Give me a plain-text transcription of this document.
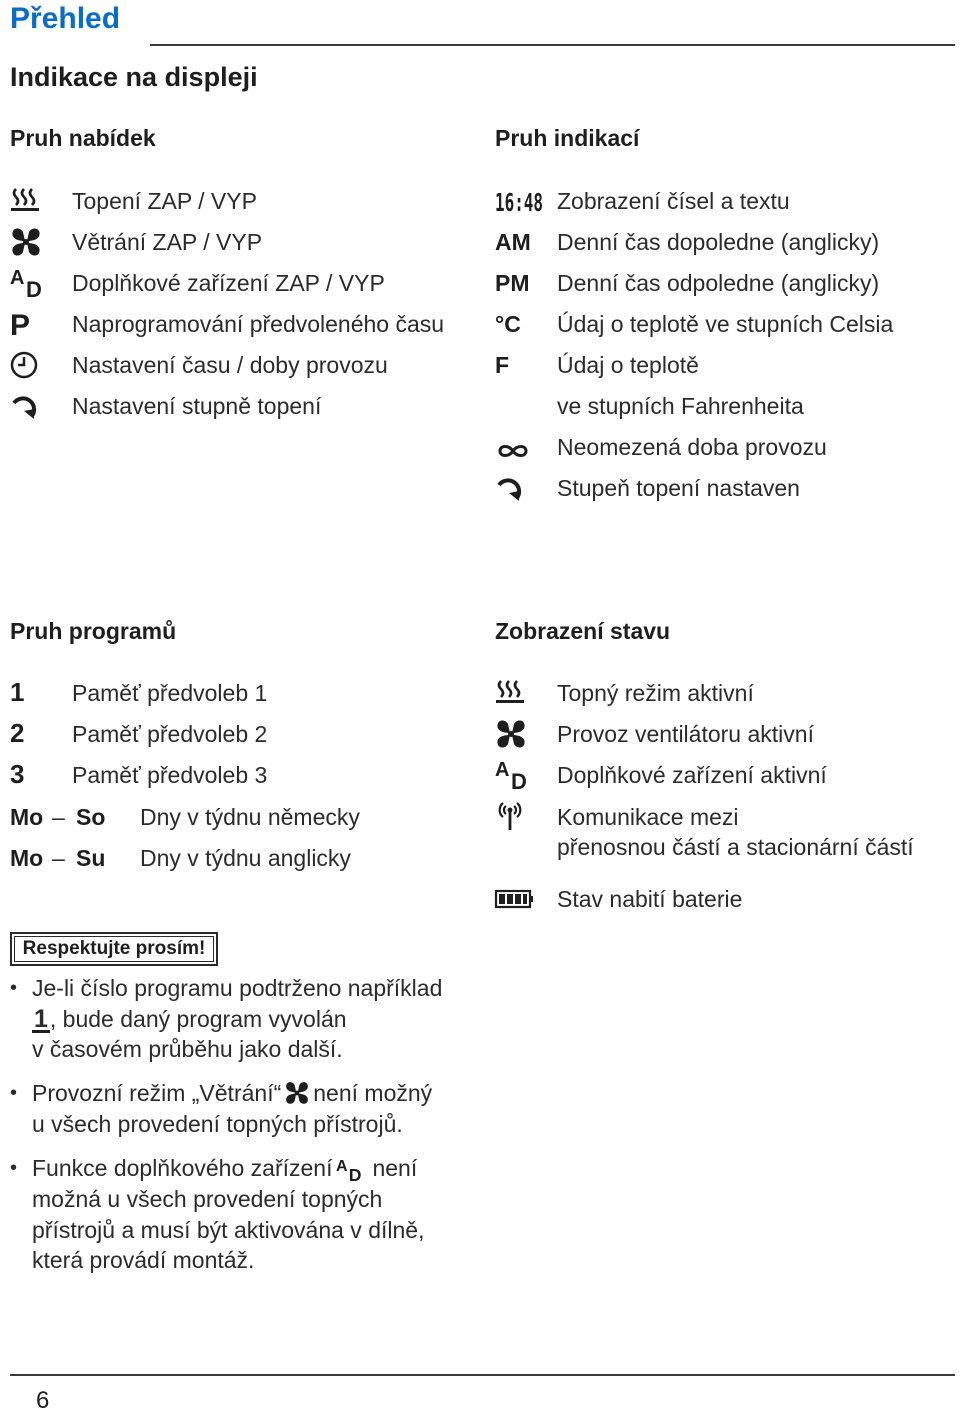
Přehled
Indikace na displeji
Pruh nabídek
Topení ZAP / VYP
Větrání ZAP / VYP
A D Doplňkové zařízení ZAP / VYP
P Naprogramování předvoleného času
Nastavení času / doby provozu
Nastavení stupně topení
Pruh indikací
16:48 Zobrazení čísel a textu
AM Denní čas dopoledne (anglicky)
PM Denní čas odpoledne (anglicky)
°C Údaj o teplotě ve stupních Celsia
F Údaj o teplotě
ve stupních Fahrenheita
Neomezená doba provozu
Stupeň topení nastaven
Pruh programů
1 Paměť předvoleb 1
2 Paměť předvoleb 2
3 Paměť předvoleb 3
Mo – So Dny v týdnu německy
Mo – Su Dny v týdnu anglicky
Zobrazení stavu
Topný režim aktivní
Provoz ventilátoru aktivní
A D Doplňkové zařízení aktivní
Komunikace mezi
přenosnou částí a stacionární částí
Stav nabití baterie
Respektujte prosím!
• Je-li číslo programu podtrženo například
1, bude daný program vyvolán
v časovém průběhu jako další.
• Provozní režim „Větrání“ není možný
u všech provedení topných přístrojů.
• Funkce doplňkového zařízení A D není
možná u všech provedení topných
přístrojů a musí být aktivována v dílně,
která provádí montáž.
6
